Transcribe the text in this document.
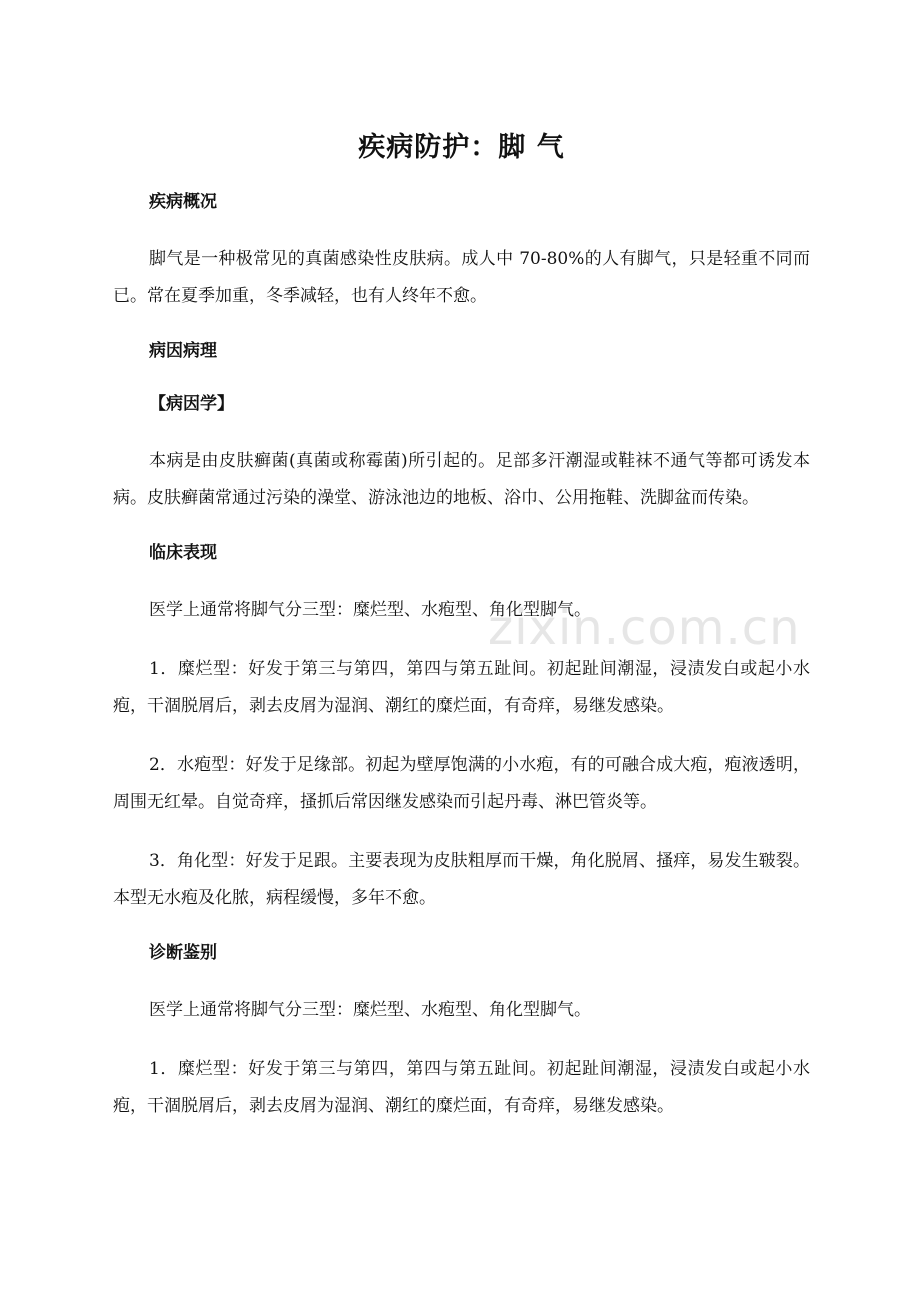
zixin.com.cn
疾病防护：脚 气
疾病概况
脚气是一种极常见的真菌感染性皮肤病。成人中 70-80%的人有脚气，只是轻重不同而已。常在夏季加重，冬季减轻，也有人终年不愈。
病因病理
【病因学】
本病是由皮肤癣菌(真菌或称霉菌)所引起的。足部多汗潮湿或鞋袜不通气等都可诱发本病。皮肤癣菌常通过污染的澡堂、游泳池边的地板、浴巾、公用拖鞋、洗脚盆而传染。
临床表现
医学上通常将脚气分三型：糜烂型、水疱型、角化型脚气。
1．糜烂型：好发于第三与第四，第四与第五趾间。初起趾间潮湿，浸渍发白或起小水疱，干涸脱屑后，剥去皮屑为湿润、潮红的糜烂面，有奇痒，易继发感染。
2．水疱型：好发于足缘部。初起为壁厚饱满的小水疱，有的可融合成大疱，疱液透明，周围无红晕。自觉奇痒，搔抓后常因继发感染而引起丹毒、淋巴管炎等。
3．角化型：好发于足跟。主要表现为皮肤粗厚而干燥，角化脱屑、搔痒，易发生皲裂。本型无水疱及化脓，病程缓慢，多年不愈。
诊断鉴别
医学上通常将脚气分三型：糜烂型、水疱型、角化型脚气。
1．糜烂型：好发于第三与第四，第四与第五趾间。初起趾间潮湿，浸渍发白或起小水疱，干涸脱屑后，剥去皮屑为湿润、潮红的糜烂面，有奇痒，易继发感染。
